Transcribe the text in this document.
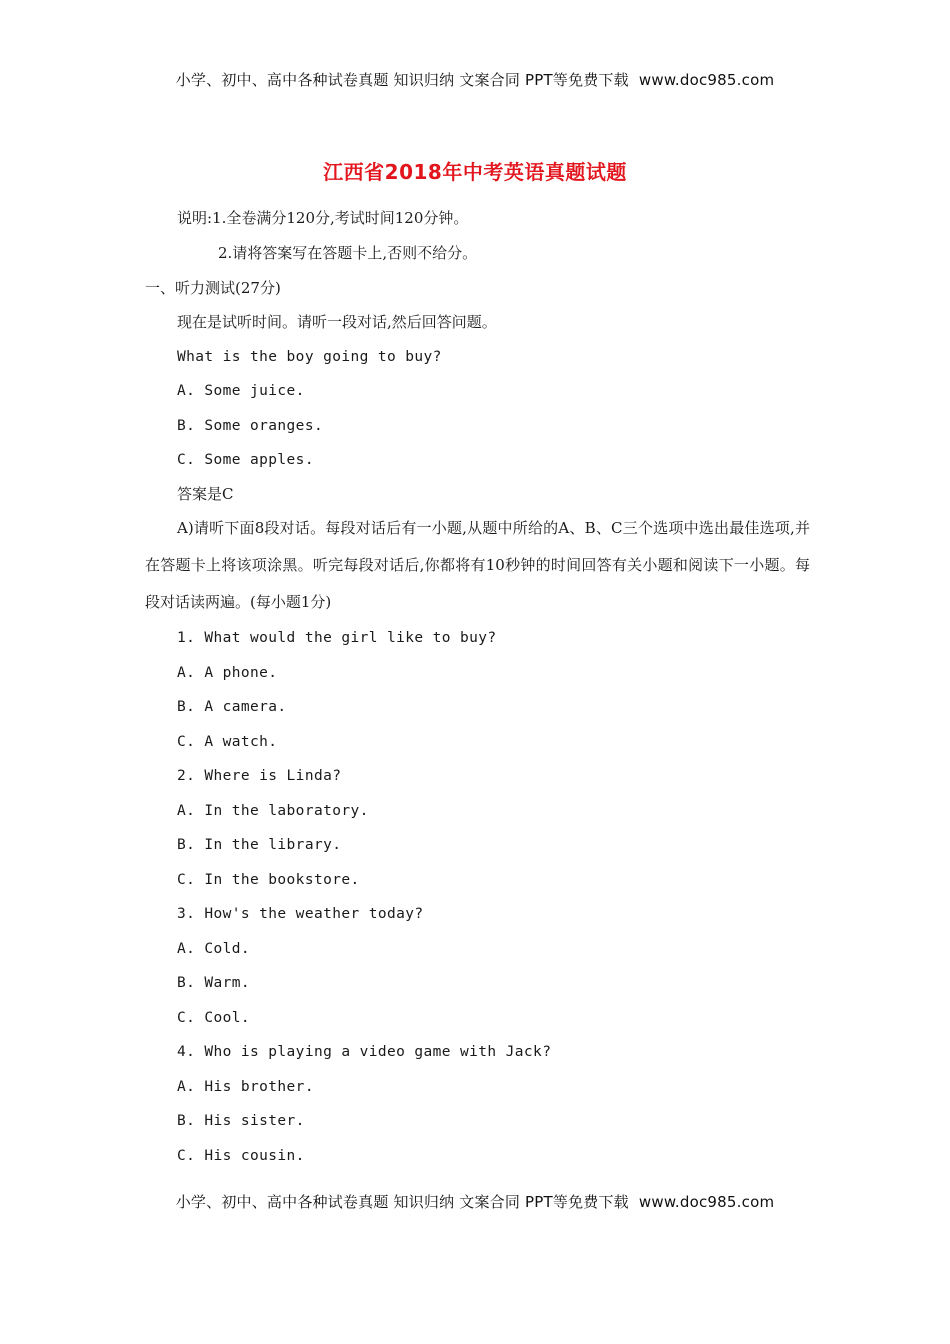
小学、初中、高中各种试卷真题 知识归纳 文案合同 PPT等免费下载 www.doc985.com
江西省2018年中考英语真题试题
说明:1.全卷满分120分,考试时间120分钟。
2.请将答案写在答题卡上,否则不给分。
一、听力测试(27分)
现在是试听时间。请听一段对话,然后回答问题。
What is the boy going to buy?
A. Some juice.
B. Some oranges.
C. Some apples.
答案是C
A)请听下面8段对话。每段对话后有一小题,从题中所给的A、B、C三个选项中选出最佳选项,并在答题卡上将该项涂黑。听完每段对话后,你都将有10秒钟的时间回答有关小题和阅读下一小题。每段对话读两遍。(每小题1分)
1. What would the girl like to buy?
A. A phone.
B. A camera.
C. A watch.
2. Where is Linda?
A. In the laboratory.
B. In the library.
C. In the bookstore.
3. How's the weather today?
A. Cold.
B. Warm.
C. Cool.
4. Who is playing a video game with Jack?
A. His brother.
B. His sister.
C. His cousin.
小学、初中、高中各种试卷真题 知识归纳 文案合同 PPT等免费下载 www.doc985.com
